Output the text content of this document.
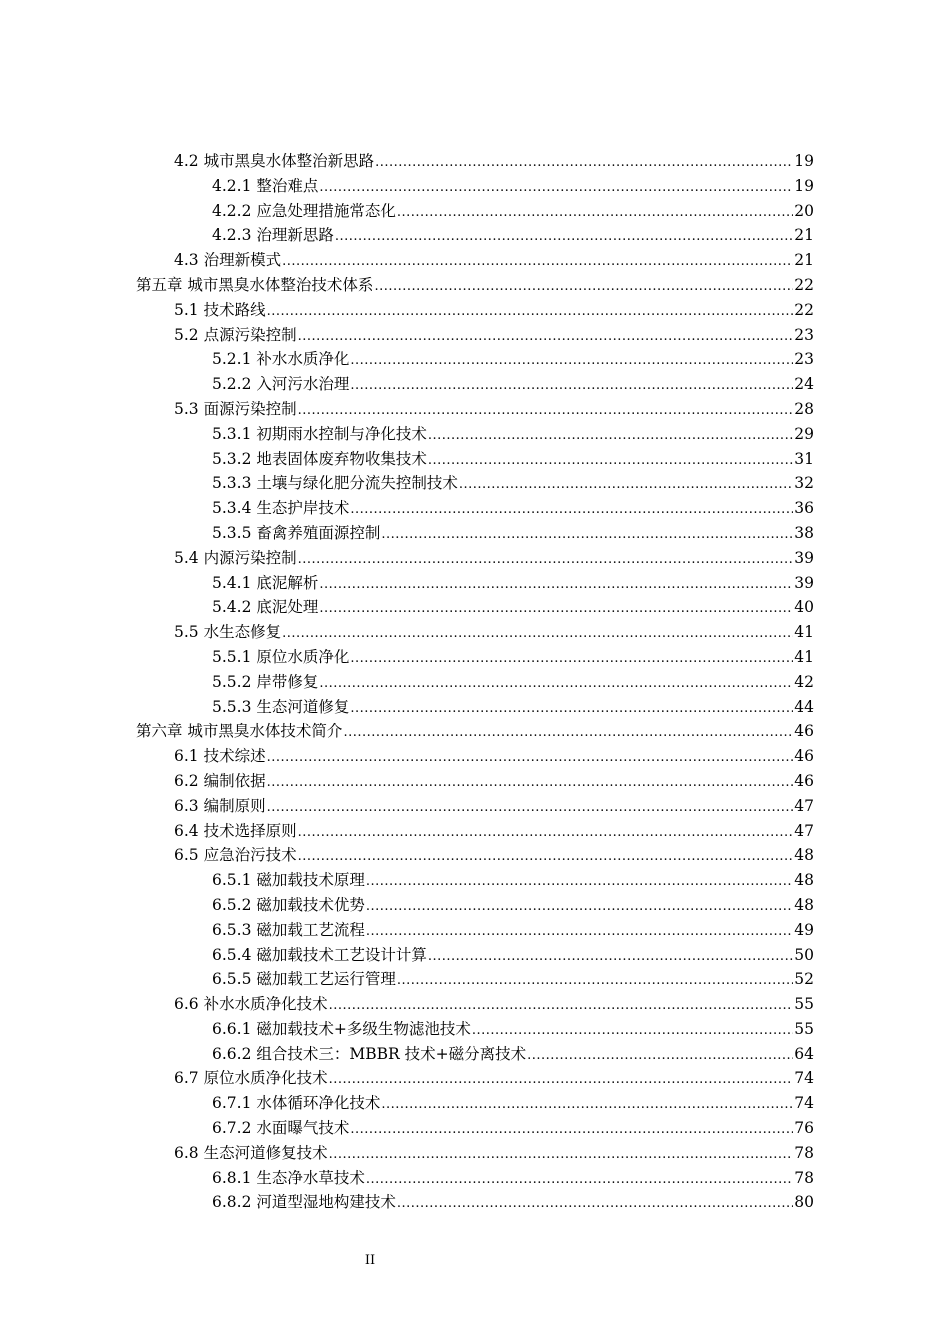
4.2 城市黑臭水体整治新思路 .....	19
4.2.1 整治难点 .....	19
4.2.2 应急处理措施常态化 .....	20
4.2.3 治理新思路 .....	21
4.3 治理新模式 .....	21
第五章 城市黑臭水体整治技术体系 .....	22
5.1 技术路线 .....	22
5.2 点源污染控制 .....	23
5.2.1 补水水质净化 .....	23
5.2.2 入河污水治理 .....	24
5.3 面源污染控制 .....	28
5.3.1 初期雨水控制与净化技术 .....	29
5.3.2 地表固体废弃物收集技术 .....	31
5.3.3 土壤与绿化肥分流失控制技术 .....	32
5.3.4 生态护岸技术 .....	36
5.3.5 畜禽养殖面源控制 .....	38
5.4 内源污染控制 .....	39
5.4.1 底泥解析 .....	39
5.4.2 底泥处理 .....	40
5.5 水生态修复 .....	41
5.5.1 原位水质净化 .....	41
5.5.2 岸带修复 .....	42
5.5.3 生态河道修复 .....	44
第六章 城市黑臭水体技术简介 .....	46
6.1 技术综述 .....	46
6.2 编制依据 .....	46
6.3 编制原则 .....	47
6.4 技术选择原则 .....	47
6.5 应急治污技术 .....	48
6.5.1 磁加载技术原理 .....	48
6.5.2 磁加载技术优势 .....	48
6.5.3 磁加载工艺流程 .....	49
6.5.4 磁加载技术工艺设计计算 .....	50
6.5.5 磁加载工艺运行管理 .....	52
6.6 补水水质净化技术 .....	55
6.6.1 磁加载技术+多级生物滤池技术 .....	55
6.6.2 组合技术三：MBBR 技术+磁分离技术 .....	64
6.7 原位水质净化技术 .....	74
6.7.1 水体循环净化技术 .....	74
6.7.2 水面曝气技术 .....	76
6.8 生态河道修复技术 .....	78
6.8.1 生态净水草技术 .....	78
6.8.2 河道型湿地构建技术 .....	80
II
